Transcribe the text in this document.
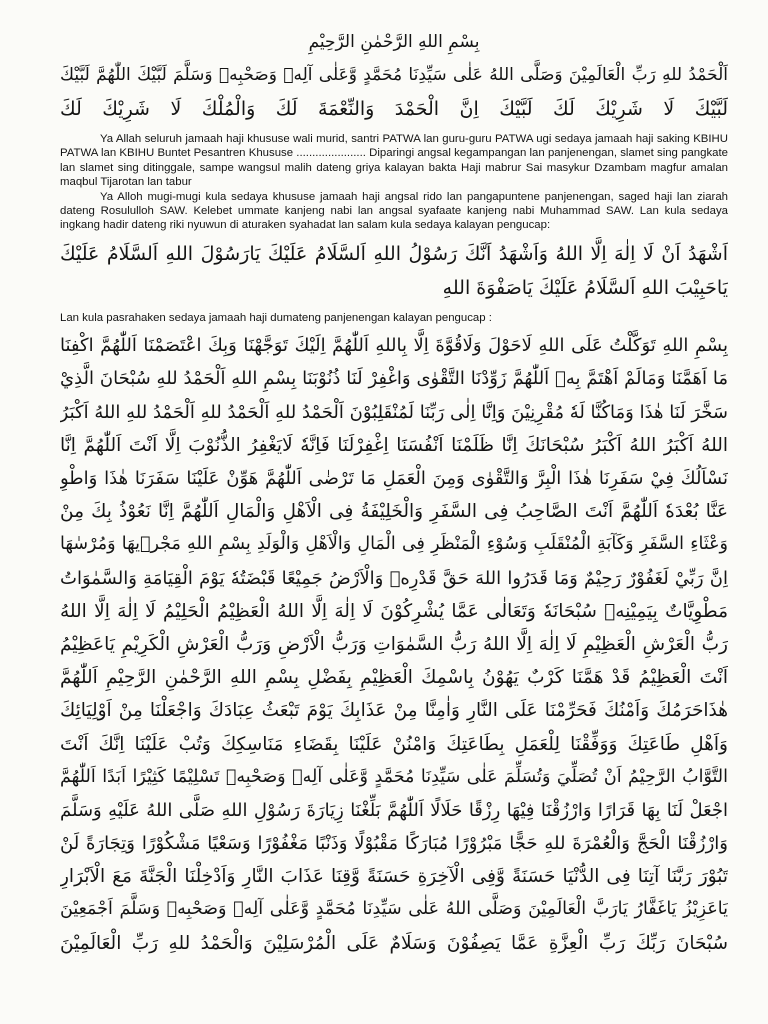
بِسْمِ اللهِ الرَّحْمٰنِ الرَّحِيْمِ
اَلْحَمْدُ للهِ رَبِّ الْعَالَمِيْنَ وَصَلَّى اللهُ عَلٰى سَيِّدِنَا مُحَمَّدٍ وَّعَلٰى آلِهٖ وَصَحْبِهٖ وَسَلَّمَ لَبَّيْكَ اللّٰهُمَّ لَبَّيْكَ
لَبَّيْكَ لَا شَرِيْكَ لَكَ لَبَّيْكَ اِنَّ الْحَمْدَ وَالنِّعْمَةَ لَكَ وَالْمُلْكَ لَا شَرِيْكَ لَكَ

Ya Allah seluruh jamaah haji khususe wali murid, santri PATWA lan guru-guru PATWA ugi sedaya jamaah haji saking KBIHU PATWA lan KBIHU Buntet Pesantren Khususe ...................... Diparingi angsal kegampangan lan panjenengan, slamet sing pangkate lan slamet sing ditinggale, sampe wangsul malih dateng griya kalayan bakta Haji mabrur Sai masykur Dzambam magfur amalan maqbul Tijarotan lan tabur

Ya Alloh mugi-mugi kula sedaya khususe jamaah haji angsal rido lan pangapuntene panjenengan, saged haji lan ziarah dateng Rosululloh SAW. Kelebet ummate kanjeng nabi lan angsal syafaate kanjeng nabi Muhammad SAW. Lan kula sedaya ingkang hadir dateng riki nyuwun di aturaken syahadat lan salam kula sedaya kalayan pengucap:

اَشْهَدُ اَنْ لَا اِلٰهَ اِلَّا اللهُ وَاَشْهَدُ اَنَّكَ رَسُوْلُ اللهِ اَلسَّلَامُ عَلَيْكَ يَارَسُوْلَ اللهِ اَلسَّلَامُ عَلَيْكَ
يَاحَبِيْبَ اللهِ اَلسَّلَامُ عَلَيْكَ يَاصَفْوَةَ اللهِ
Lan kula pasrahaken sedaya jamaah haji dumateng panjenengan kalayan pengucap :
بِسْمِ اللهِ تَوَكَّلْتُ عَلَى اللهِ لَاحَوْلَ وَلَاقُوَّةَ اِلَّا بِاللهِ اَللّٰهُمَّ اِلَيْكَ تَوَجَّهْنَا وَبِكَ اعْتَصَمْنَا اَللّٰهُمَّ اكْفِنَا
مَا اَهَمَّنَا وَمَالَمْ اَهْتَمَّ بِهٖ اَللّٰهُمَّ زَوِّدْنَا التَّقْوٰى وَاغْفِرْ لَنَا ذُنُوْبَنَا بِسْمِ اللهِ اَلْحَمْدُ للهِ سُبْحَانَ الَّذِيْ
سَخَّرَ لَنَا هٰذَا وَمَاكُنَّا لَهٗ مُقْرِنِيْنَ وَاِنَّا اِلٰى رَبِّنَا لَمُنْقَلِبُوْنَ اَلْحَمْدُ للهِ اَلْحَمْدُ للهِ اَلْحَمْدُ للهِ اللهُ اَكْبَرُ
اللهُ اَكْبَرُ اللهُ اَكْبَرُ سُبْحَانَكَ اِنَّا ظَلَمْنَا اَنْفُسَنَا اِغْفِرْلَنَا فَاِنَّهٗ لَايَغْفِرُ الذُّنُوْبَ اِلَّا اَنْتَ اَللّٰهُمَّ اِنَّا
نَسْاَلُكَ فِيْ سَفَرِنَا هٰذَا الْبِرَّ وَالتَّقْوٰى وَمِنَ الْعَمَلِ مَا تَرْضٰى اَللّٰهُمَّ هَوِّنْ عَلَيْنَا سَفَرَنَا هٰذَا وَاطْوِ
عَنَّا بُعْدَهٗ اَللّٰهُمَّ اَنْتَ الصَّاحِبُ فِى السَّفَرِ وَالْخَلِيْفَةُ فِى الْاَهْلِ وَالْمَالِ اَللّٰهُمَّ اِنَّا نَعُوْذُ بِكَ مِنْ
وَعْثَاءِ السَّفَرِ وَكَآبَةِ الْمُنْقَلَبِ وَسُوْءِ الْمَنْظَرِ فِى الْمَالِ وَالْاَهْلِ وَالْوَلَدِ بِسْمِ اللهِ مَجْرٖيهَا وَمُرْسٰهَا
اِنَّ رَبِّيْ لَغَفُوْرٌ رَحِيْمٌ وَمَا قَدَرُوا اللهَ حَقَّ قَدْرِهٖ وَالْاَرْضُ جَمِيْعًا قَبْضَتُهٗ يَوْمَ الْقِيَامَةِ وَالسَّمٰوَاتُ
مَطْوِيَّاتٌ بِيَمِيْنِهٖ سُبْحَانَهٗ وَتَعَالٰى عَمَّا يُشْرِكُوْنَ لَا اِلٰهَ اِلَّا اللهُ الْعَظِيْمُ الْحَلِيْمُ لَا اِلٰهَ اِلَّا اللهُ
رَبُّ الْعَرْشِ الْعَظِيْمِ لَا اِلٰهَ اِلَّا اللهُ رَبُّ السَّمٰوَاتِ وَرَبُّ الْاَرْضِ وَرَبُّ الْعَرْشِ الْكَرِيْمِ يَاعَظِيْمُ
اَنْتَ الْعَظِيْمُ قَدْ هَمَّنَا كَرْبٌ يَهُوْنُ بِاسْمِكَ الْعَظِيْمِ بِفَضْلِ بِسْمِ اللهِ الرَّحْمٰنِ الرَّحِيْمِ اَللّٰهُمَّ
هٰذَاحَرَمُكَ وَاَمْنُكَ فَحَرِّمْنَا عَلَى النَّارِ وَاٰمِنَّا مِنْ عَذَابِكَ يَوْمَ تَبْعَثُ عِبَادَكَ وَاجْعَلْنَا مِنْ اَوْلِيَائِكَ
وَاَهْلِ طَاعَتِكَ وَوَفِّقْنَا لِلْعَمَلِ بِطَاعَتِكَ وَامْنُنْ عَلَيْنَا بِقَضَاءِ مَنَاسِكِكَ وَتُبْ عَلَيْنَا اِنَّكَ اَنْتَ
التَّوَّابُ الرَّحِيْمُ اَنْ تُصَلِّيَ وَتُسَلِّمَ عَلٰى سَيِّدِنَا مُحَمَّدٍ وَّعَلٰى آلِهٖ وَصَحْبِهٖ تَسْلِيْمًا كَثِيْرًا اَبَدًا اَللّٰهُمَّ
اجْعَلْ لَنَا بِهَا قَرَارًا وَارْزُقْنَا فِيْهَا رِزْقًا حَلَالًا اَللّٰهُمَّ بَلِّغْنَا زِيَارَةَ رَسُوْلِ اللهِ صَلَّى اللهُ عَلَيْهِ وَسَلَّمَ
وَارْزُقْنَا الْحَجَّ وَالْعُمْرَةَ للهِ حَجًّا مَبْرُوْرًا مُبَارَكًا مَقْبُوْلًا وَذَنْبًا مَغْفُوْرًا وَسَعْيًا مَشْكُوْرًا وَتِجَارَةً لَنْ
تَبُوْرَ رَبَّنَا آتِنَا فِى الدُّنْيَا حَسَنَةً وَّفِى الْآخِرَةِ حَسَنَةً وَّقِنَا عَذَابَ النَّارِ وَاَدْخِلْنَا الْجَنَّةَ مَعَ الْاَبْرَارِ
يَاعَزِيْزُ يَاغَفَّارُ يَارَبَّ الْعَالَمِيْنَ وَصَلَّى اللهُ عَلٰى سَيِّدِنَا مُحَمَّدٍ وَّعَلٰى آلِهٖ وَصَحْبِهٖ وَسَلَّمَ اَجْمَعِيْنَ
سُبْحَانَ رَبِّكَ رَبِّ الْعِزَّةِ عَمَّا يَصِفُوْنَ وَسَلَامٌ عَلَى الْمُرْسَلِيْنَ وَالْحَمْدُ للهِ رَبِّ الْعَالَمِيْنَ
